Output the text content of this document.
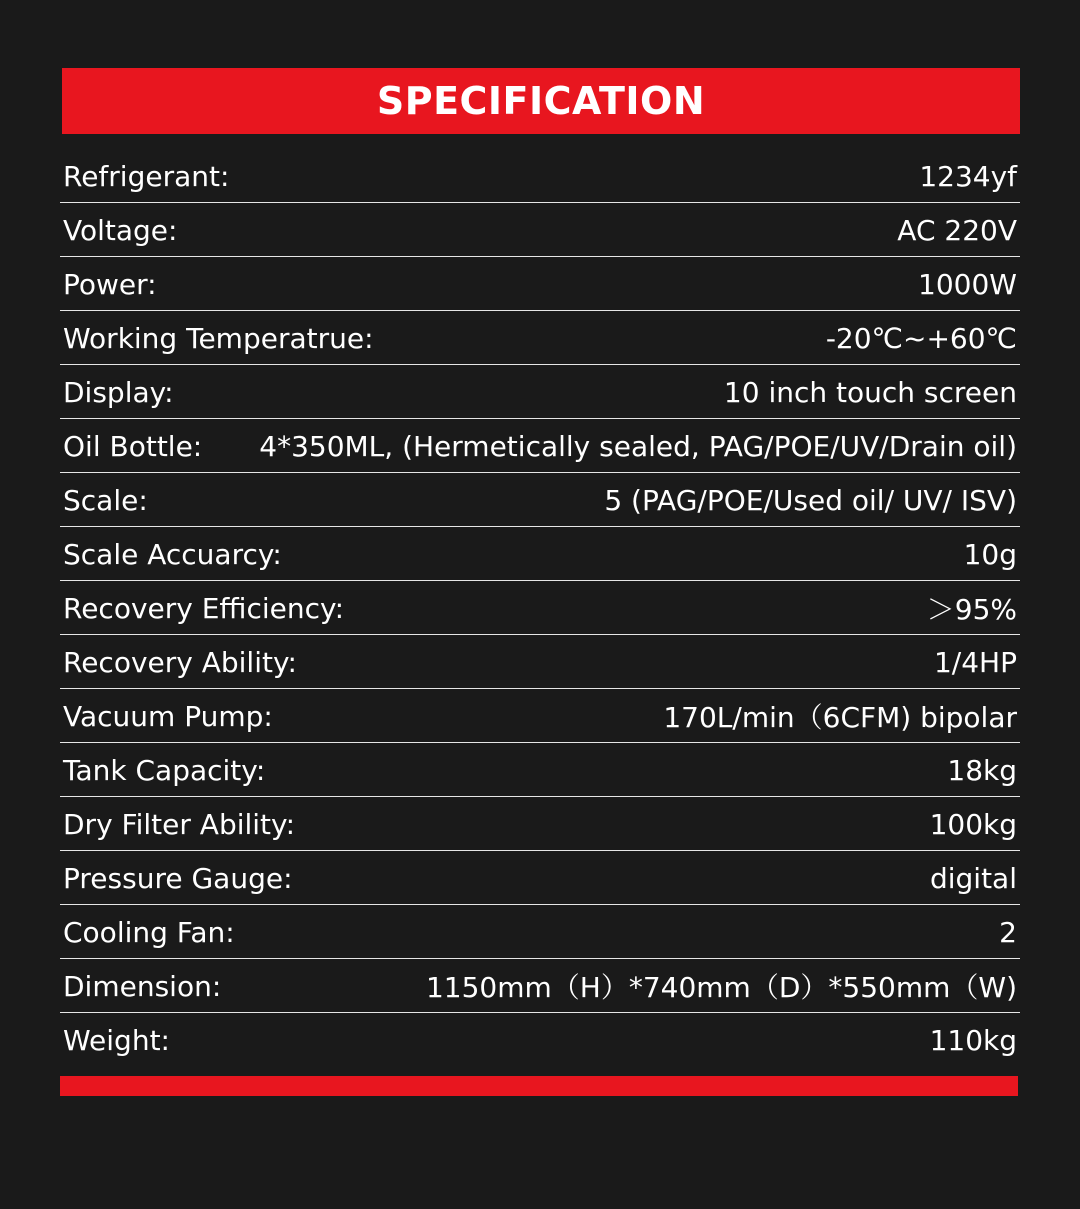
SPECIFICATION
Refrigerant:	1234yf
Voltage:	AC 220V
Power:	1000W
Working Temperatrue:	-20℃~+60℃
Display:	10 inch touch screen
Oil Bottle: 4*350ML, (Hermetically sealed, PAG/POE/UV/Drain oil)
Scale:	5 (PAG/POE/Used oil/ UV/ ISV)
Scale Accuarcy:	10g
Recovery Efficiency:	＞95%
Recovery Ability:	1/4HP
Vacuum Pump:	170L/min（6CFM) bipolar
Tank Capacity:	18kg
Dry Filter Ability:	100kg
Pressure Gauge:	digital
Cooling Fan:	2
Dimension:	1150mm（H）*740mm（D）*550mm（W)
Weight:	110kg
